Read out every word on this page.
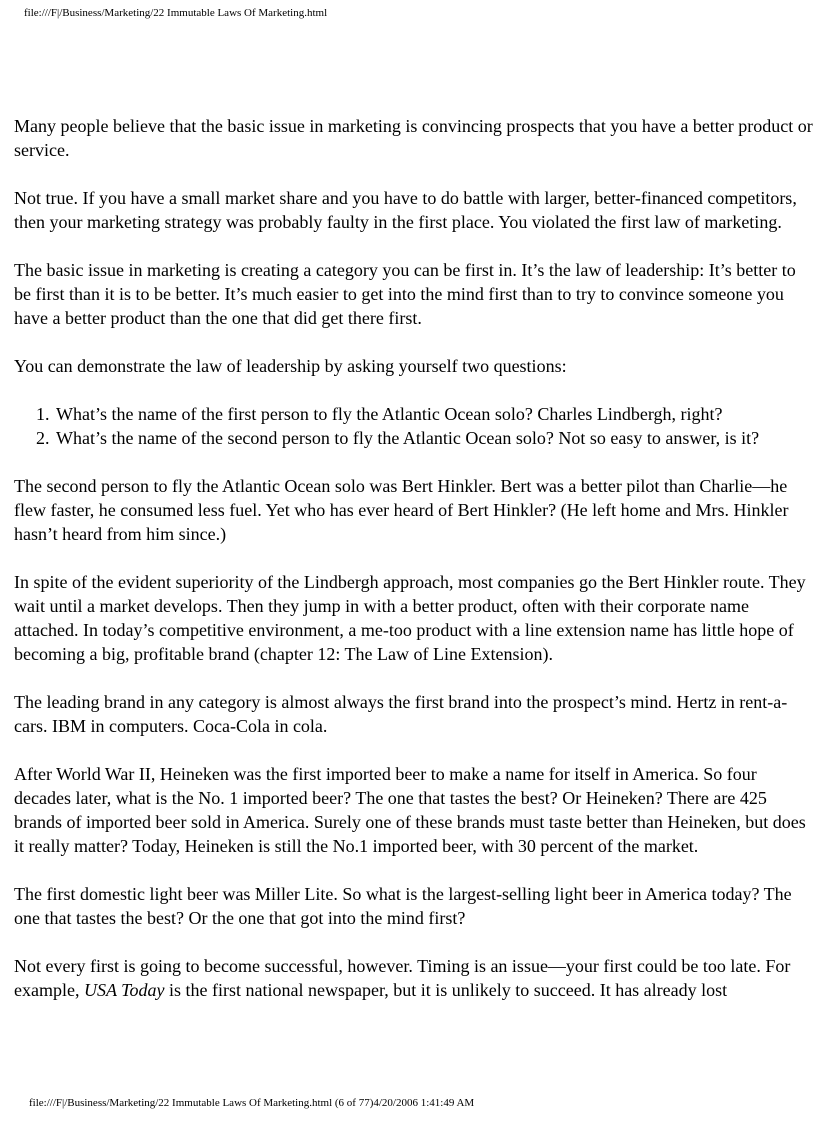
file:///F|/Business/Marketing/22 Immutable Laws Of Marketing.html

Many people believe that the basic issue in marketing is convincing prospects that you have a better product or service.

Not true. If you have a small market share and you have to do battle with larger, better-financed competitors, then your marketing strategy was probably faulty in the first place. You violated the first law of marketing.

The basic issue in marketing is creating a category you can be first in. It’s the law of leadership: It’s better to be first than it is to be better. It’s much easier to get into the mind first than to try to convince someone you have a better product than the one that did get there first.

You can demonstrate the law of leadership by asking yourself two questions:

1. What’s the name of the first person to fly the Atlantic Ocean solo? Charles Lindbergh, right?
2. What’s the name of the second person to fly the Atlantic Ocean solo? Not so easy to answer, is it?

The second person to fly the Atlantic Ocean solo was Bert Hinkler. Bert was a better pilot than Charlie—he flew faster, he consumed less fuel. Yet who has ever heard of Bert Hinkler? (He left home and Mrs. Hinkler hasn’t heard from him since.)

In spite of the evident superiority of the Lindbergh approach, most companies go the Bert Hinkler route. They wait until a market develops. Then they jump in with a better product, often with their corporate name attached. In today’s competitive environment, a me-too product with a line extension name has little hope of becoming a big, profitable brand (chapter 12: The Law of Line Extension).

The leading brand in any category is almost always the first brand into the prospect’s mind. Hertz in rent-a-cars. IBM in computers. Coca-Cola in cola.

After World War II, Heineken was the first imported beer to make a name for itself in America. So four decades later, what is the No. 1 imported beer? The one that tastes the best? Or Heineken? There are 425 brands of imported beer sold in America. Surely one of these brands must taste better than Heineken, but does it really matter? Today, Heineken is still the No.1 imported beer, with 30 percent of the market.

The first domestic light beer was Miller Lite. So what is the largest-selling light beer in America today? The one that tastes the best? Or the one that got into the mind first?

Not every first is going to become successful, however. Timing is an issue—your first could be too late. For example, USA Today is the first national newspaper, but it is unlikely to succeed. It has already lost

file:///F|/Business/Marketing/22 Immutable Laws Of Marketing.html (6 of 77)4/20/2006 1:41:49 AM
